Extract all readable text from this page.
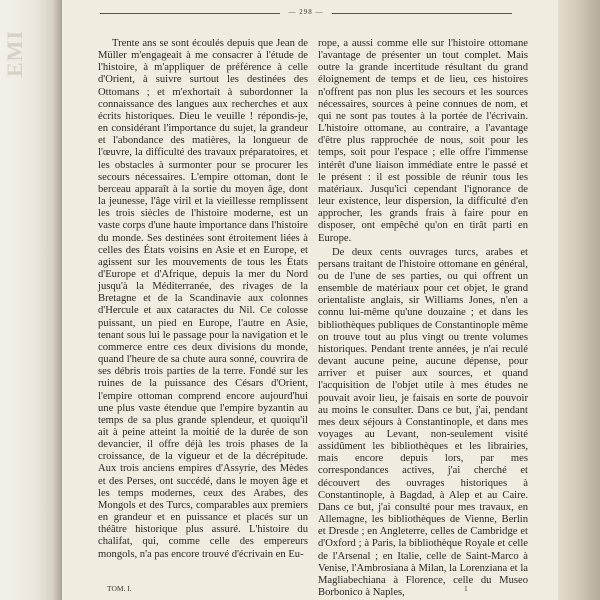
EMI
— 298 —

Trente ans se sont écoulés depuis que Jean de Müller m'engageait à me consacrer à l'étude de l'histoire, à m'appliquer de préférence à celle d'Orient, à suivre surtout les destinées des Ottomans ; et m'exhortait à subordonner la connaissance des langues aux recherches et aux écrits historiques. Dieu le veuille ! répondis-je, en considérant l'importance du sujet, la grandeur et l'abondance des matières, la longueur de l'œuvre, la difficulté des travaux préparatoires, et les obstacles à surmonter pour se procurer les secours nécessaires. L'empire ottoman, dont le berceau apparaît à la sortie du moyen âge, dont la jeunesse, l'âge viril et la vieillesse remplissent les trois siècles de l'histoire moderne, est un vaste corps d'une haute importance dans l'histoire du monde. Ses destinées sont étroitement liées à celles des États voisins en Asie et en Europe, et agissent sur les mouvements de tous les États d'Europe et d'Afrique, depuis la mer du Nord jusqu'à la Méditerranée, des rivages de la Bretagne et de la Scandinavie aux colonnes d'Hercule et aux cataractes du Nil. Ce colosse puissant, un pied en Europe, l'autre en Asie, tenant sous lui le passage pour la navigation et le commerce entre ces deux divisions du monde, quand l'heure de sa chute aura sonné, couvrira de ses débris trois parties de la terre. Fondé sur les ruines de la puissance des Césars d'Orient, l'empire ottoman comprend encore aujourd'hui une plus vaste étendue que l'empire byzantin au temps de sa plus grande splendeur, et quoiqu'il ait à peine atteint la moitié de la durée de son devancier, il offre déjà les trois phases de la croissance, de la vigueur et de la décrépitude. Aux trois anciens empires d'Assyrie, des Mèdes et des Perses, ont succédé, dans le moyen âge et les temps modernes, ceux des Arabes, des Mongols et des Turcs, comparables aux premiers en grandeur et en puissance et placés sur un théâtre historique plus assuré. L'histoire du chalifat, qui, comme celle des empereurs mongols, n'a pas encore trouvé d'écrivain en Eu-

rope, a aussi comme elle sur l'histoire ottomane l'avantage de présenter un tout complet. Mais outre la grande incertitude résultant du grand éloignement de temps et de lieu, ces histoires n'offrent pas non plus les secours et les sources nécessaires, sources à peine connues de nom, et qui ne sont pas toutes à la portée de l'écrivain. L'histoire ottomane, au contraire, a l'avantage d'être plus rapprochée de nous, soit pour les temps, soit pour l'espace ; elle offre l'immense intérêt d'une liaison immédiate entre le passé et le présent : il est possible de réunir tous les matériaux. Jusqu'ici cependant l'ignorance de leur existence, leur dispersion, la difficulté d'en approcher, les grands frais à faire pour en disposer, ont empêché qu'on en tirât parti en Europe.

De deux cents ouvrages turcs, arabes et persans traitant de l'histoire ottomane en général, ou de l'une de ses parties, ou qui offrent un ensemble de matériaux pour cet objet, le grand orientaliste anglais, sir Williams Jones, n'en a connu lui-même qu'une douzaine ; et dans les bibliothèques publiques de Constantinople même on trouve tout au plus vingt ou trente volumes historiques. Pendant trente années, je n'ai reculé devant aucune peine, aucune dépense, pour arriver et puiser aux sources, et quand l'acquisition de l'objet utile à mes études ne pouvait avoir lieu, je faisais en sorte de pouvoir au moins le consulter. Dans ce but, j'ai, pendant mes deux séjours à Constantinople, et dans mes voyages au Levant, non-seulement visité assidûment les bibliothèques et les librairies, mais encore depuis lors, par mes correspondances actives, j'ai cherché et découvert des ouvrages historiques à Constantinople, à Bagdad, à Alep et au Caire. Dans ce but, j'ai consulté pour mes travaux, en Allemagne, les bibliothèques de Vienne, Berlin et Dresde ; en Angleterre, celles de Cambridge et d'Oxford ; à Paris, la bibliothèque Royale et celle de l'Arsenal ; en Italie, celle de Saint-Marco à Venise, l'Ambrosiana à Milan, la Lorenziana et la Magliabechiana à Florence, celle du Museo Borbonico à Naples,

TOM. I.	1
